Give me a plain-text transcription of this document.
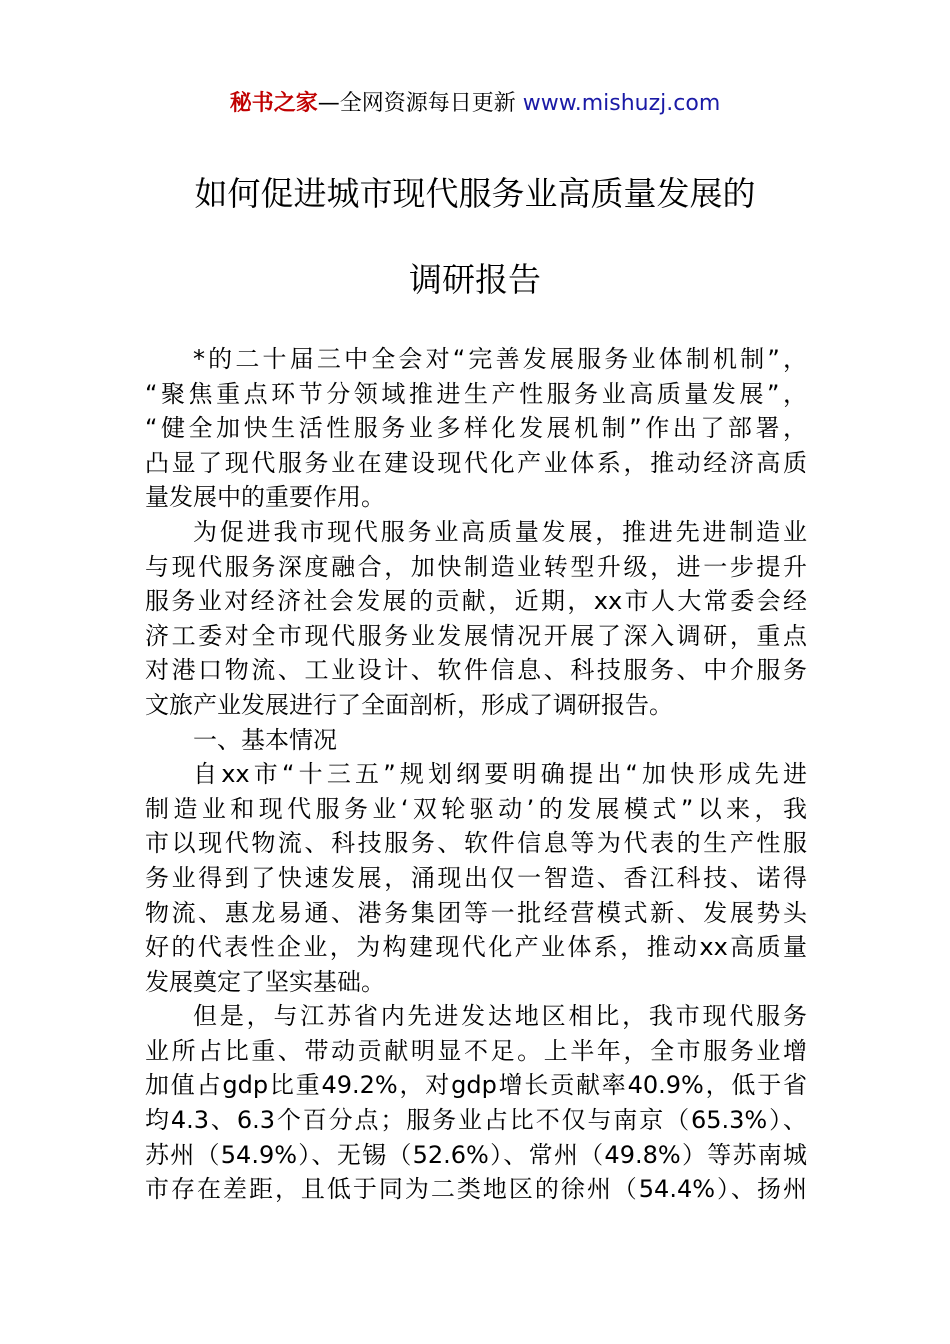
秘书之家—全网资源每日更新 www.mishuzj.com
如何促进城市现代服务业高质量发展的
调研报告
*的二十届三中全会对“完善发展服务业体制机制”，
“聚焦重点环节分领域推进生产性服务业高质量发展”，
“健全加快生活性服务业多样化发展机制”作出了部署，
凸显了现代服务业在建设现代化产业体系，推动经济高质
量发展中的重要作用。
为促进我市现代服务业高质量发展，推进先进制造业
与现代服务深度融合，加快制造业转型升级，进一步提升
服务业对经济社会发展的贡献，近期，xx市人大常委会经
济工委对全市现代服务业发展情况开展了深入调研，重点
对港口物流、工业设计、软件信息、科技服务、中介服务
文旅产业发展进行了全面剖析，形成了调研报告。
一、基本情况
自xx市“十三五”规划纲要明确提出“加快形成先进
制造业和现代服务业‘双轮驱动’的发展模式”以来，我
市以现代物流、科技服务、软件信息等为代表的生产性服
务业得到了快速发展，涌现出仅一智造、香江科技、诺得
物流、惠龙易通、港务集团等一批经营模式新、发展势头
好的代表性企业，为构建现代化产业体系，推动xx高质量
发展奠定了坚实基础。
但是，与江苏省内先进发达地区相比，我市现代服务
业所占比重、带动贡献明显不足。上半年，全市服务业增
加值占gdp比重49.2%，对gdp增长贡献率40.9%，低于省
均4.3、6.3个百分点；服务业占比不仅与南京（65.3%）、
苏州（54.9%）、无锡（52.6%）、常州（49.8%）等苏南城
市存在差距，且低于同为二类地区的徐州（54.4%）、扬州
